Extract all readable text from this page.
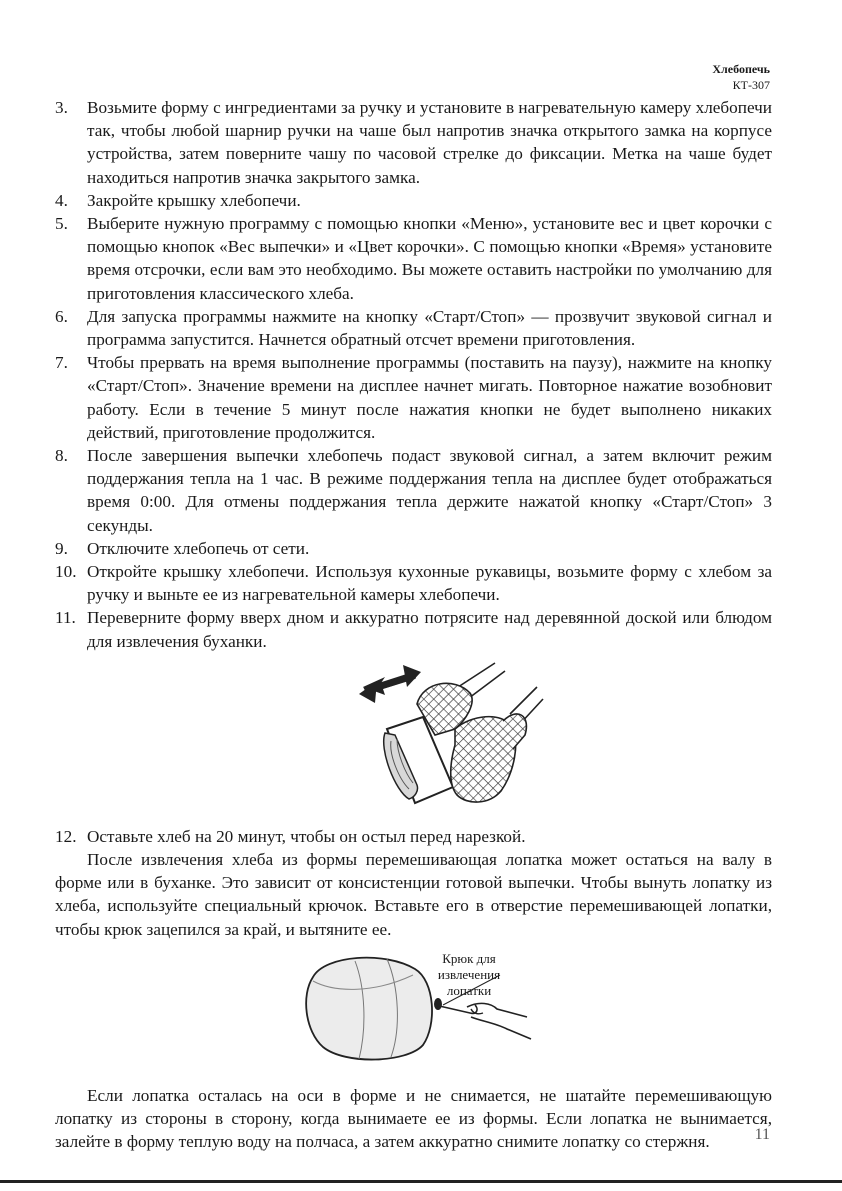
Хлебопечь
КТ-307
3. Возьмите форму с ингредиентами за ручку и установите в нагревательную камеру хлебопечи так, чтобы любой шарнир ручки на чаше был напротив значка открытого замка на корпусе устройства, затем поверните чашу по часовой стрелке до фиксации. Метка на чаше будет находиться напротив значка закрытого замка.
4. Закройте крышку хлебопечи.
5. Выберите нужную программу с помощью кнопки «Меню», установите вес и цвет корочки с помощью кнопок «Вес выпечки» и «Цвет корочки». С помощью кнопки «Время» установите время отсрочки, если вам это необходимо. Вы можете оставить настройки по умолчанию для приготовления классического хлеба.
6. Для запуска программы нажмите на кнопку «Старт/Стоп» — прозвучит звуковой сигнал и программа запустится. Начнется обратный отсчет времени приготовления.
7. Чтобы прервать на время выполнение программы (поставить на паузу), нажмите на кнопку «Старт/Стоп». Значение времени на дисплее начнет мигать. Повторное нажатие возобновит работу. Если в течение 5 минут после нажатия кнопки не будет выполнено никаких действий, приготовление продолжится.
8. После завершения выпечки хлебопечь подаст звуковой сигнал, а затем включит режим поддержания тепла на 1 час. В режиме поддержания тепла на дисплее будет отображаться время 0:00. Для отмены поддержания тепла держите нажатой кнопку «Старт/Стоп» 3 секунды.
9. Отключите хлебопечь от сети.
10. Откройте крышку хлебопечи. Используя кухонные рукавицы, возьмите форму с хлебом за ручку и выньте ее из нагревательной камеры хлебопечи.
11. Переверните форму вверх дном и аккуратно потрясите над деревянной доской или блюдом для извлечения буханки.
12. Оставьте хлеб на 20 минут, чтобы он остыл перед нарезкой.

После извлечения хлеба из формы перемешивающая лопатка может остаться на валу в форме или в буханке. Это зависит от консистенции готовой выпечки. Чтобы вынуть лопатку из хлеба, используйте специальный крючок. Вставьте его в отверстие перемешивающей лопатки, чтобы крюк зацепился за край, и вытяните ее.

Крюк для извлечения лопатки

Если лопатка осталась на оси в форме и не снимается, не шатайте перемешивающую лопатку из стороны в сторону, когда вынимаете ее из формы. Если лопатка не вынимается, залейте в форму теплую воду на полчаса, а затем аккуратно снимите лопатку со стержня.	11
